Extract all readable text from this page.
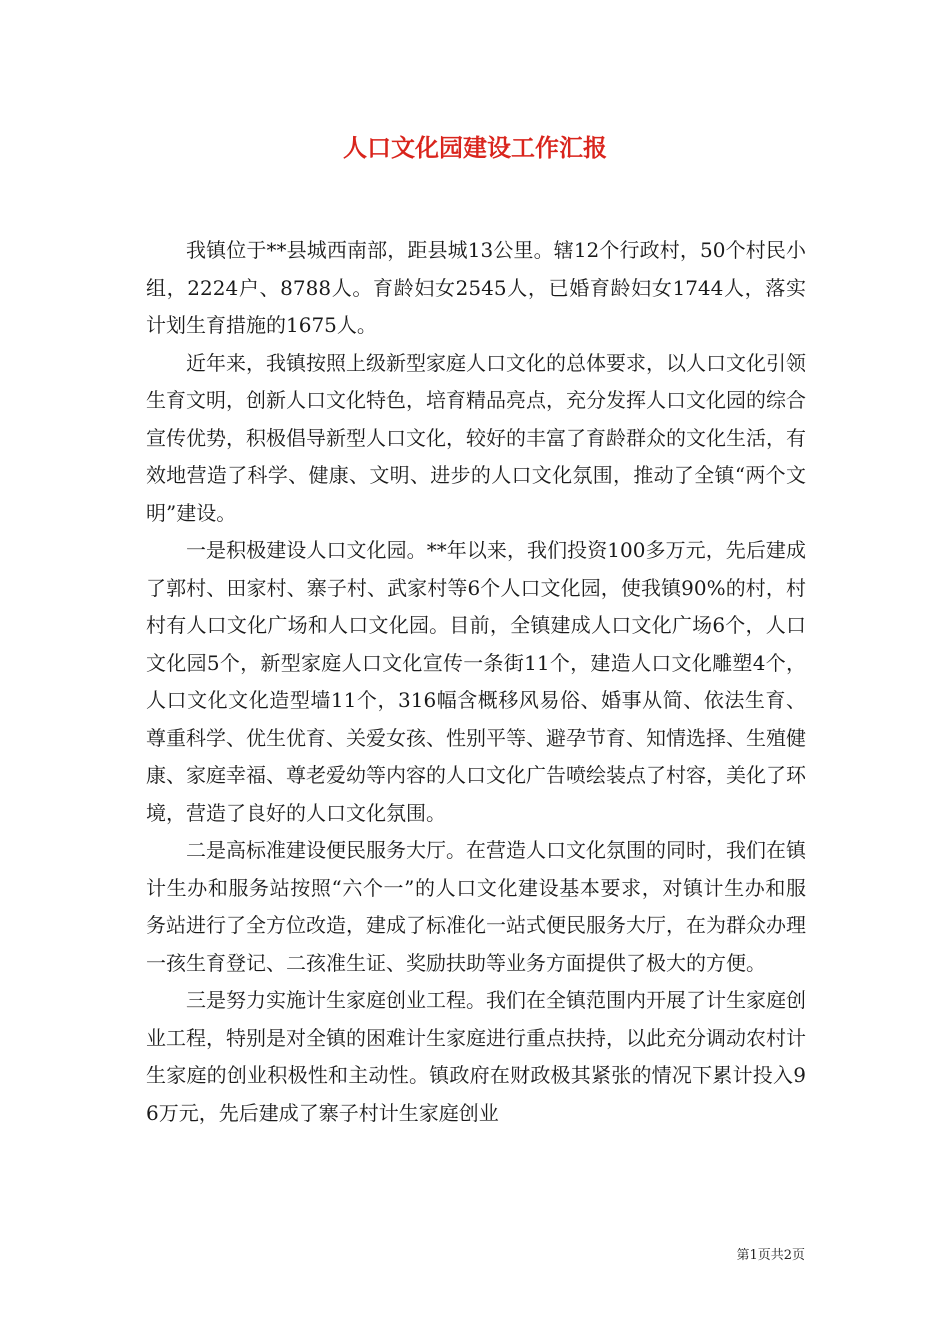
人口文化园建设工作汇报

我镇位于**县城西南部，距县城13公里。辖12个行政村，50个村民小组，2224户、8788人。育龄妇女2545人，已婚育龄妇女1744人，落实计划生育措施的1675人。

近年来，我镇按照上级新型家庭人口文化的总体要求，以人口文化引领生育文明，创新人口文化特色，培育精品亮点，充分发挥人口文化园的综合宣传优势，积极倡导新型人口文化，较好的丰富了育龄群众的文化生活，有效地营造了科学、健康、文明、进步的人口文化氛围，推动了全镇“两个文明”建设。

一是积极建设人口文化园。**年以来，我们投资100多万元，先后建成了郭村、田家村、寨子村、武家村等6个人口文化园，使我镇90%的村，村村有人口文化广场和人口文化园。目前，全镇建成人口文化广场6个，人口文化园5个，新型家庭人口文化宣传一条街11个，建造人口文化雕塑4个，人口文化文化造型墙11个，316幅含概移风易俗、婚事从简、依法生育、尊重科学、优生优育、关爱女孩、性别平等、避孕节育、知情选择、生殖健康、家庭幸福、尊老爱幼等内容的人口文化广告喷绘装点了村容，美化了环境，营造了良好的人口文化氛围。

二是高标准建设便民服务大厅。在营造人口文化氛围的同时，我们在镇计生办和服务站按照“六个一”的人口文化建设基本要求，对镇计生办和服务站进行了全方位改造，建成了标准化一站式便民服务大厅，在为群众办理一孩生育登记、二孩准生证、奖励扶助等业务方面提供了极大的方便。

三是努力实施计生家庭创业工程。我们在全镇范围内开展了计生家庭创业工程，特别是对全镇的困难计生家庭进行重点扶持，以此充分调动农村计生家庭的创业积极性和主动性。镇政府在财政极其紧张的情况下累计投入96万元，先后建成了寨子村计生家庭创业

第1页共2页
